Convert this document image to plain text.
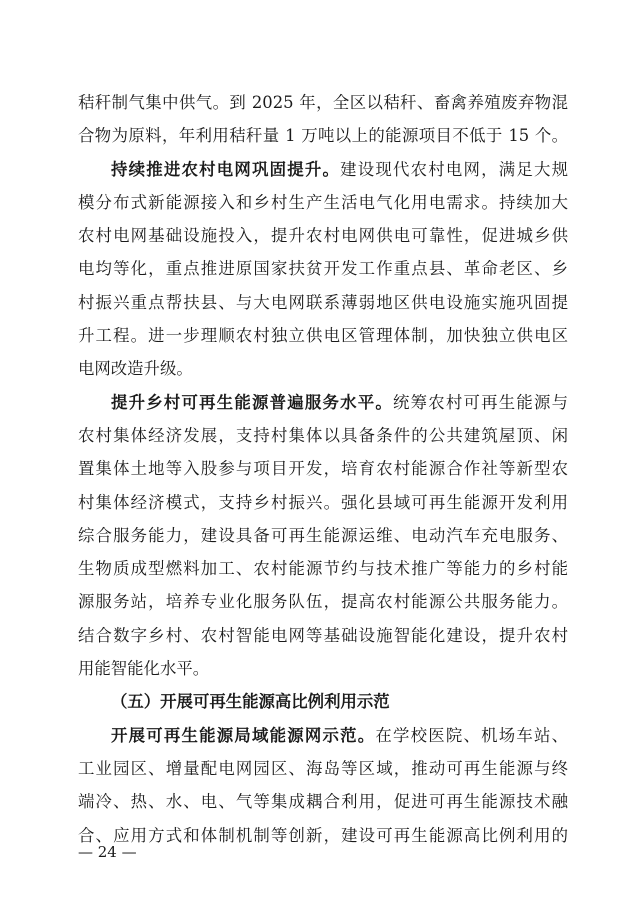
秸秆制气集中供气。到 2025 年，全区以秸秆、畜禽养殖废弃物混
合物为原料，年利用秸秆量 1 万吨以上的能源项目不低于 15 个。
持续推进农村电网巩固提升。建设现代农村电网，满足大规
模分布式新能源接入和乡村生产生活电气化用电需求。持续加大
农村电网基础设施投入，提升农村电网供电可靠性，促进城乡供
电均等化，重点推进原国家扶贫开发工作重点县、革命老区、乡
村振兴重点帮扶县、与大电网联系薄弱地区供电设施实施巩固提
升工程。进一步理顺农村独立供电区管理体制，加快独立供电区
电网改造升级。
提升乡村可再生能源普遍服务水平。统筹农村可再生能源与
农村集体经济发展，支持村集体以具备条件的公共建筑屋顶、闲
置集体土地等入股参与项目开发，培育农村能源合作社等新型农
村集体经济模式，支持乡村振兴。强化县域可再生能源开发利用
综合服务能力，建设具备可再生能源运维、电动汽车充电服务、
生物质成型燃料加工、农村能源节约与技术推广等能力的乡村能
源服务站，培养专业化服务队伍，提高农村能源公共服务能力。
结合数字乡村、农村智能电网等基础设施智能化建设，提升农村
用能智能化水平。
（五）开展可再生能源高比例利用示范
开展可再生能源局域能源网示范。在学校医院、机场车站、
工业园区、增量配电网园区、海岛等区域，推动可再生能源与终
端冷、热、水、电、气等集成耦合利用，促进可再生能源技术融
合、应用方式和体制机制等创新，建设可再生能源高比例利用的
— 24 —
